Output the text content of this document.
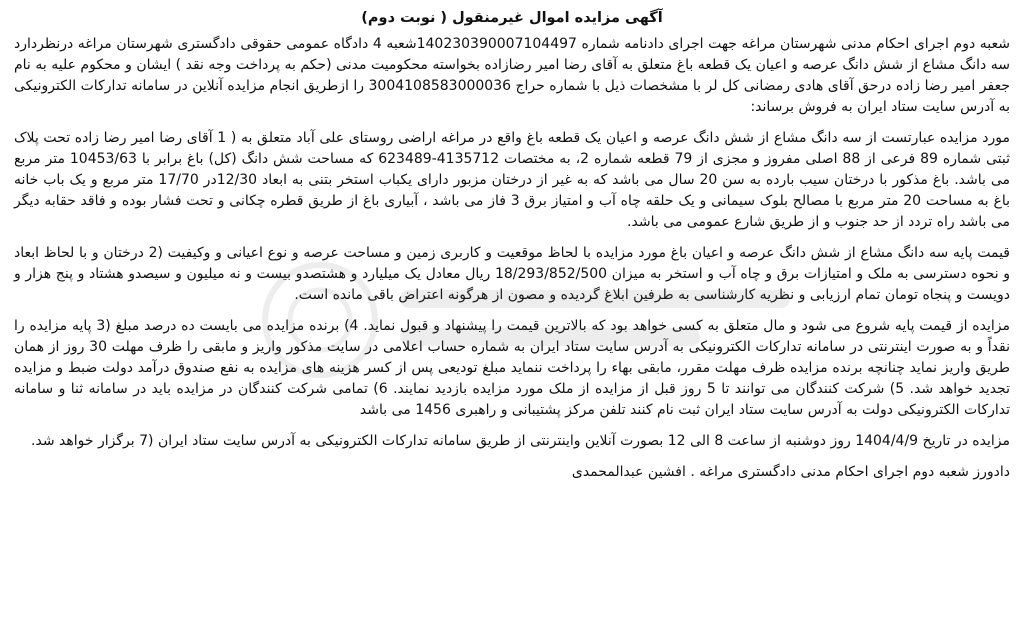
آگهی مزایده اموال غیرمنقول ( نوبت دوم)

شعبه دوم اجرای احکام مدنی شهرستان مراغه جهت اجرای دادنامه شماره 140230390007104497شعبه 4 دادگاه عمومی حقوقی دادگستری شهرستان مراغه درنظردارد سه دانگ مشاع از شش دانگ عرصه و اعیان یک قطعه باغ متعلق به آقای رضا امیر رضازاده بخواسته محکومیت مدنی (حکم به پرداخت وجه نقد ) ایشان و محکوم علیه به نام جعفر امیر رضا زاده درحق آقای هادی رمضانی کل لر با مشخصات ذیل با شماره حراج 3004108583000036 را ازطریق انجام مزایده آنلاین در سامانه تدارکات الکترونیکی به آدرس سایت ستاد ایران به فروش برساند:

مورد مزایده عبارتست از سه دانگ مشاع از شش دانگ عرصه و اعیان یک قطعه باغ واقع در مراغه اراضی روستای علی آباد متعلق به ( 1 آقای رضا امیر رضا زاده تحت پلاک ثبتی شماره 89 فرعی از 88 اصلی مفروز و مجزی از 79 قطعه شماره 2، به مختصات 4135712-623489 که مساحت شش دانگ (کل) باغ برابر با 10453/63 متر مربع می باشد. باغ مذکور با درختان سیب بارده به سن 20 سال می باشد که به غیر از درختان مزبور دارای یکباب استخر بتنی به ابعاد 12/30در 17/70 متر مربع و یک باب خانه باغ به مساحت 20 متر مربع با مصالح بلوک سیمانی و یک حلقه چاه آب و امتیاز برق 3 فاز می باشد ، آبیاری باغ از طریق قطره چکانی و تحت فشار بوده و فاقد حقابه دیگر می باشد راه تردد از حد جنوب و از طریق شارع عمومی می باشد.

قیمت پایه سه دانگ مشاع از شش دانگ عرصه و اعیان باغ مورد مزایده با لحاظ موقعیت و کاربری زمین و مساحت عرصه و نوع اعیانی و وکیفیت (2 درختان و با لحاظ ابعاد و نحوه دسترسی به ملک و امتیازات برق و چاه آب و استخر به میزان 18/293/852/500 ریال معادل یک میلیارد و هشتصدو بیست و نه میلیون و سیصدو هشتاد و پنج هزار و دویست و پنجاه تومان تمام ارزیابی و نظریه کارشناسی به طرفین ابلاغ گردیده و مصون از هرگونه اعتراض باقی مانده است.

مزایده از قیمت پایه شروع می شود و مال متعلق به کسی خواهد بود که بالاترین قیمت را پیشنهاد و قبول نماید. 4) برنده مزایده می بایست ده درصد مبلغ (3 پایه مزایده را نقداً و به صورت اینترنتی در سامانه تدارکات الکترونیکی به آدرس سایت ستاد ایران به شماره حساب اعلامی در سایت مذکور واریز و مابقی را ظرف مهلت 30 روز از همان طریق واریز نماید چنانچه برنده مزایده ظرف مهلت مقرر، مابقی بهاء را پرداخت ننماید مبلغ تودیعی پس از کسر هزینه های مزایده به نفع صندوق درآمد دولت ضبط و مزایده تجدید خواهد شد. 5) شرکت کنندگان می توانند تا 5 روز قبل از مزایده از ملک مورد مزایده بازدید نمایند. 6) تمامی شرکت کنندگان در مزایده باید در سامانه ثنا و سامانه تدارکات الکترونیکی دولت به آدرس سایت ستاد ایران ثبت نام کنند تلفن مرکز پشتیبانی و راهبری 1456 می باشد

مزایده در تاریخ 1404/4/9 روز دوشنبه از ساعت 8 الی 12 بصورت آنلاین واینترنتی از طریق سامانه تدارکات الکترونیکی به آدرس سایت ستاد ایران (7 برگزار خواهد شد.

دادورز شعبه دوم اجرای احکام مدنی دادگستری مراغه . افشین عبدالمحمدی
